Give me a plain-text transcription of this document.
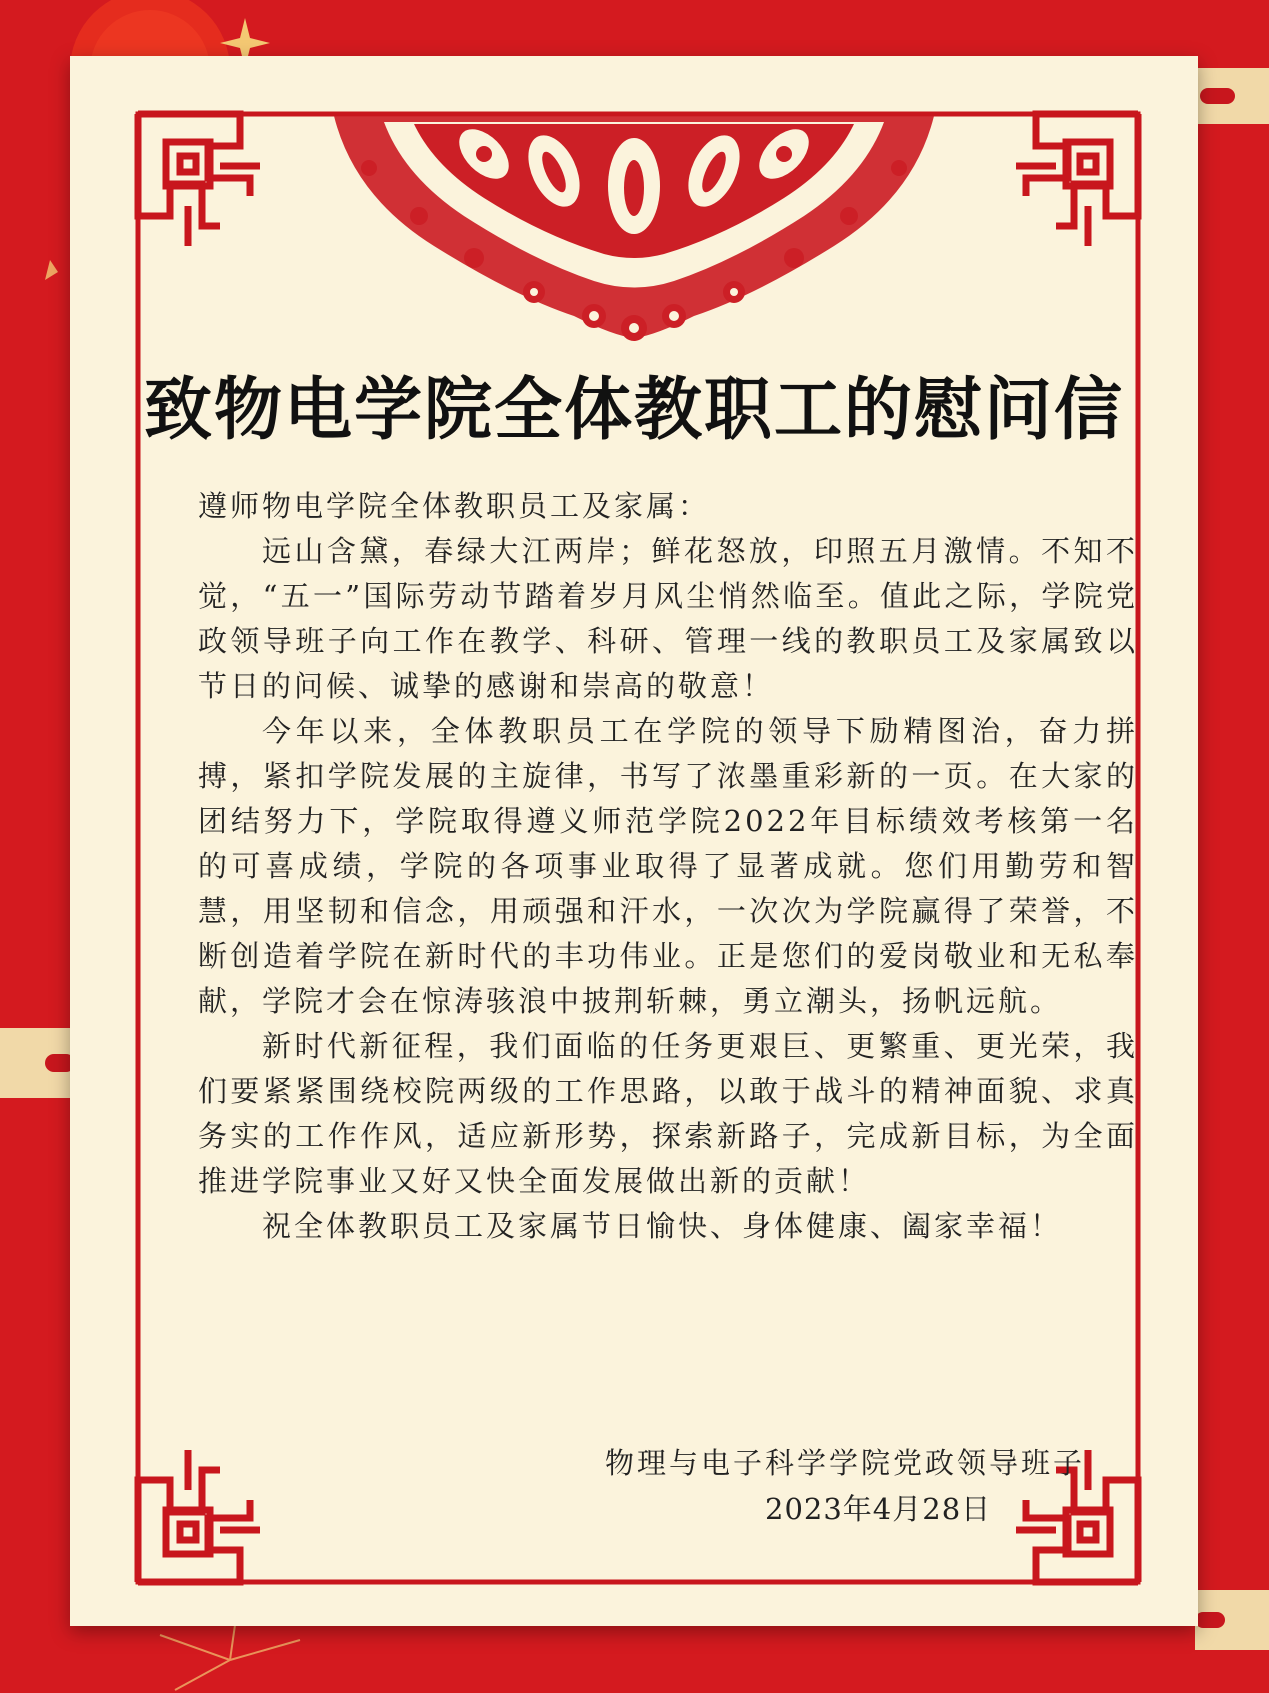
致物电学院全体教职工的慰问信

遵师物电学院全体教职员工及家属：

远山含黛，春绿大江两岸；鲜花怒放，印照五月激情。不知不觉，“五一”国际劳动节踏着岁月风尘悄然临至。值此之际，学院党政领导班子向工作在教学、科研、管理一线的教职员工及家属致以节日的问候、诚挚的感谢和崇高的敬意！

今年以来，全体教职员工在学院的领导下励精图治，奋力拼搏，紧扣学院发展的主旋律，书写了浓墨重彩新的一页。在大家的团结努力下，学院取得遵义师范学院2022年目标绩效考核第一名的可喜成绩，学院的各项事业取得了显著成就。您们用勤劳和智慧，用坚韧和信念，用顽强和汗水，一次次为学院赢得了荣誉，不断创造着学院在新时代的丰功伟业。正是您们的爱岗敬业和无私奉献，学院才会在惊涛骇浪中披荆斩棘，勇立潮头，扬帆远航。

新时代新征程，我们面临的任务更艰巨、更繁重、更光荣，我们要紧紧围绕校院两级的工作思路，以敢于战斗的精神面貌、求真务实的工作作风，适应新形势，探索新路子，完成新目标，为全面推进学院事业又好又快全面发展做出新的贡献！

祝全体教职员工及家属节日愉快、身体健康、阖家幸福！

物理与电子科学学院党政领导班子
2023年4月28日
